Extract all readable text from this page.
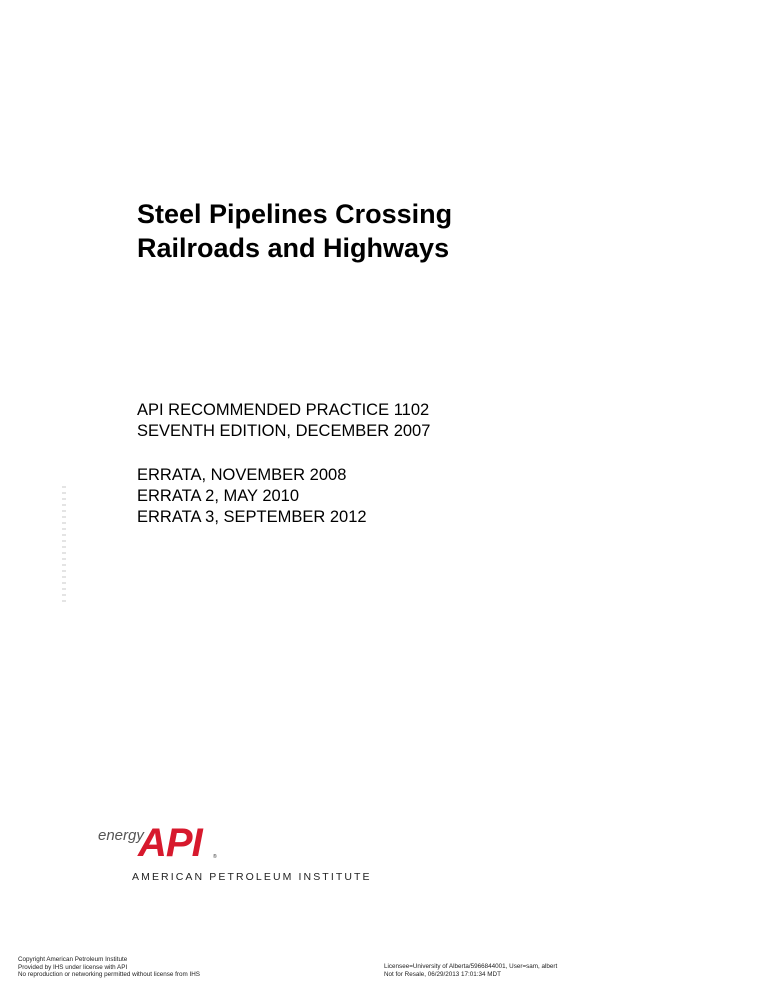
Steel Pipelines Crossing
Railroads and Highways
API RECOMMENDED PRACTICE 1102
SEVENTH EDITION, DECEMBER 2007
ERRATA, NOVEMBER 2008
ERRATA 2, MAY 2010
ERRATA 3, SEPTEMBER 2012
energy
API	®
AMERICAN PETROLEUM INSTITUTE
Copyright American Petroleum Institute
Provided by IHS under license with API
No reproduction or networking permitted without license from IHS
Licensee=University of Alberta/5966844001, User=sam, albert
Not for Resale, 06/29/2013 17:01:34 MDT
